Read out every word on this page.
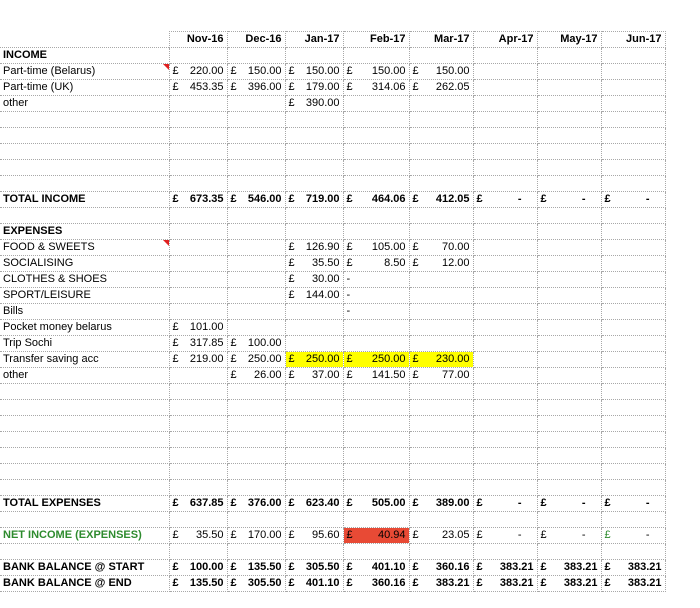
	Nov-16	Dec-16	Jan-17	Feb-17	Mar-17	Apr-17	May-17	Jun-17
INCOME								
Part-time (Belarus)	£ 220.00	£ 150.00	£ 150.00	£ 150.00	£ 150.00			

Part-time (UK)	£ 453.35	£ 396.00	£ 179.00	£ 314.06	£ 262.05			

other			£ 390.00					

TOTAL INCOME	£ 673.35	£ 546.00	£ 719.00	£ 464.06	£ 412.05	£ -	£ -	£ -

EXPENSES								
FOOD & SWEETS			£ 126.90	£ 105.00	£ 70.00			

SOCIALISING			£ 35.50	£ 8.50	£ 12.00			

CLOTHES & SHOES			£ 30.00	-				
SPORT/LEISURE			£ 144.00	-				
Bills				-				
Pocket money belarus	£ 101.00							

Trip Sochi	£ 317.85	£ 100.00						

Transfer saving acc	£ 219.00	£ 250.00	£ 250.00	£ 250.00	£ 230.00			

other		£ 26.00	£ 37.00	£ 141.50	£ 77.00			

TOTAL EXPENSES	£ 637.85	£ 376.00	£ 623.40	£ 505.00	£ 389.00	£ -	£ -	£ -

NET INCOME (EXPENSES)	£ 35.50	£ 170.00	£ 95.60	£ 40.94	£ 23.05	£ -	£ -	£ -

BANK BALANCE @ START	£ 100.00	£ 135.50	£ 305.50	£ 401.10	£ 360.16	£ 383.21	£ 383.21	£ 383.21

BANK BALANCE @ END	£ 135.50	£ 305.50	£ 401.10	£ 360.16	£ 383.21	£ 383.21	£ 383.21	£ 383.21
